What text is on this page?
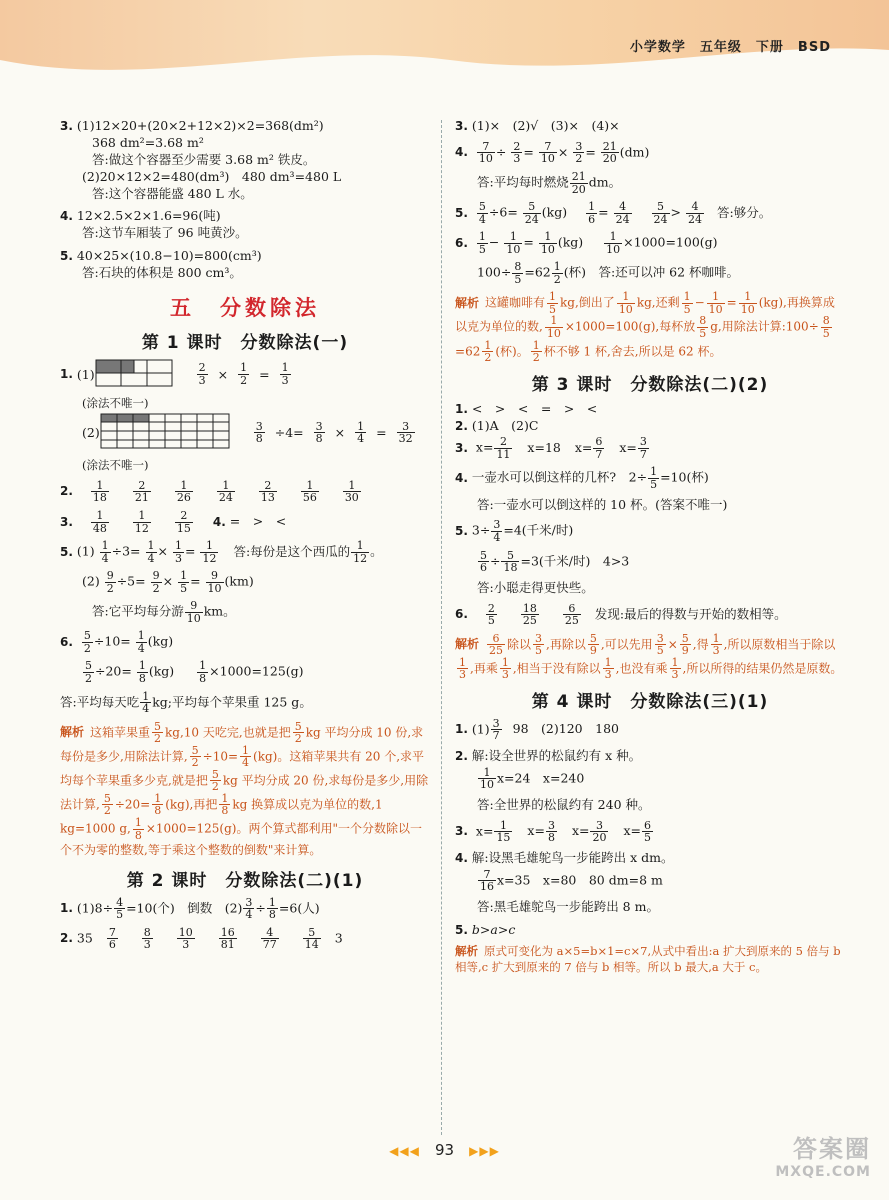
小学数学　五年级　下册　BSD

3. (1)12×20+(20×2+12×2)×2=368(dm²)

368 dm²=3.68 m²

答:做这个容器至少需要 3.68 m² 铁皮。

(2)20×12×2=480(dm³)　480 dm³=480 L

答:这个容器能盛 480 L 水。

4. 12×2.5×2×1.6=96(吨)

答:这节车厢装了 96 吨黄沙。

5. 40×25×(10.8−10)=800(cm³)

答:石块的体积是 800 cm³。

五　分数除法
第 1 课时　分数除法(一)
1. (1)	$\frac{2}{3} \times \frac{1}{2} = \frac{1}{3}$

(涂法不唯一)

(2)	$\frac{3}{8} \div 4= \frac{3}{8} \times \frac{1}{4} = \frac{3}{32}$

(涂法不唯一)

2. $\frac{1}{18}$
$\frac{2}{21}$
$\frac{1}{26}$
$\frac{1}{24}$
$\frac{2}{13}$
$\frac{1}{56}$
$\frac{1}{30}$
3. $\frac{1}{48}$
$\frac{1}{12}$
$\frac{2}{15} 4$. =　>　<
5. $(1) \frac{1}{4} \div 3= \frac{1}{4} \times \frac{1}{3} = \frac{1}{12}$ 答:每份是这个西瓜的 $\frac{1}{12}$ 。
$(2) \frac{9}{2} \div 5= \frac{9}{2} \times \frac{1}{5} = \frac{9}{10} (km)$
答:它平均每分游 $\frac{9}{10}$ km。
6. $\frac{5}{2} \div 10= \frac{1}{4} (kg)$
$\frac{5}{2} \div 20= \frac{1}{8} (kg) \frac{1}{8} \times 1000=125(g)$
答:平均每天吃 $\frac{1}{4}$ kg;平均每个苹果重 125 g。
解析 这箱苹果重 $\frac{5}{2} kg,10$ 天吃完,也就是把 $\frac{5}{2}$ kg 平均分成 10 份,求每份是多少,用除法计算, $\frac{5}{2} \div 10= \frac{1}{4} (kg)$。这箱苹果共有 20 个,求平均每个苹果重多少克,就是把 $\frac{5}{2}$ kg 平均分成 20 份,求每份是多少,用除法计算, $\frac{5}{2} \div 20= \frac{1}{8} (kg)$,再把 $\frac{1}{8}$ kg 换算成以克为单位的数,1 kg=1000 g, $\frac{1}{8} \times 1000=125(g)$。两个算式都利用"一个分数除以一个不为零的整数,等于乘这个整数的倒数"来计算。
第 2 课时　分数除法(二)(1)
1. $(1)8\div \frac{4}{5} =10$(个)　倒数　$(2) \frac{3}{4} \div \frac{1}{8} =6$(人)
2. $35 \frac{7}{6}$
$\frac{8}{3}$
$\frac{10}{3}$
$\frac{16}{81}$
$\frac{4}{77}$
$\frac{5}{14} 3$

3. (1)×　(2)√　(3)×　(4)×

4. $\frac{7}{10} \div \frac{2}{3} = \frac{7}{10} \times \frac{3}{2} = \frac{21}{20} (dm)$
答:平均每时燃烧 $\frac{21}{20}$ dm。
5. $\frac{5}{4} \div 6= \frac{5}{24} (kg) \frac{1}{6} = \frac{4}{24}$
$\frac{5}{24} > \frac{4}{24}$ 答:够分。
6. $\frac{1}{5} - \frac{1}{10} = \frac{1}{10} (kg) \frac{1}{10} \times 1000=100(g)$
$100\div \frac{8}{5} =62 \frac{1}{2}$ (杯)　答:还可以冲 62 杯咖啡。
解析 这罐咖啡有 $\frac{1}{5}$ kg,倒出了 $\frac{1}{10}$ kg,还剩 $\frac{1}{5} - \frac{1}{10} = \frac{1}{10} (kg)$,再换算成以克为单位的数, $\frac{1}{10} \times 1000=100(g)$,每杯放 $\frac{8}{5} g$,用除法计算:100÷ $\frac{8}{5}$
$=62 \frac{1}{2}$ (杯)。 $\frac{1}{2}$ 杯不够 1 杯,舍去,所以是 62 杯。
第 3 课时　分数除法(二)(2)

1. <　>　<　=　>　<

2. (1)A　(2)C

3. $x= \frac{2}{11} x=18$ $x= \frac{6}{7} x= \frac{3}{7}$
4. 一壶水可以倒这样的几杯?　$2\div \frac{1}{5} =10$(杯)

答:一壶水可以倒这样的 10 杯。(答案不唯一)

5. $3\div \frac{3}{4} =4$(千米/时)
$\frac{5}{6} \div \frac{5}{18} =3$(千米/时)　4>3

答:小聪走得更快些。

6. $\frac{2}{5}$
$\frac{18}{25}$
$\frac{6}{25}$ 发现:最后的得数与开始的数相等。
解析 $\frac{6}{25}$ 除以 $\frac{3}{5}$ ,再除以 $\frac{5}{9}$ ,可以先用 $\frac{3}{5} \times \frac{5}{9}$ ,得 $\frac{1}{3}$ ,所以原数相当于除以
$\frac{1}{3}$ ,再乘 $\frac{1}{3}$ ,相当于没有除以 $\frac{1}{3}$ ,也没有乘 $\frac{1}{3}$ ,所以所得的结果仍然是原数。
第 4 课时　分数除法(三)(1)
1. $(1) \frac{3}{7} 98$　(2)120　180

2. 解:设全世界的松鼠约有 x 种。

$\frac{1}{10} x=24$　x=240

答:全世界的松鼠约有 240 种。

3. $x= \frac{1}{15} x= \frac{3}{8} x= \frac{3}{20} x= \frac{6}{5}$

4. 解:设黑毛雄鸵鸟一步能跨出 x dm。

$\frac{7}{16} x=35$　x=80　80 dm=8 m

答:黑毛雄鸵鸟一步能跨出 8 m。

5. b>a>c

解析 原式可变化为 a×5=b×1=c×7,从式中看出:a 扩大到原来的 5 倍与 b 相等,c 扩大到原来的 7 倍与 b 相等。所以 b 最大,a 大于 c。
◀◀◀ 93 ▶▶▶	答案圈
MXQE.COM
